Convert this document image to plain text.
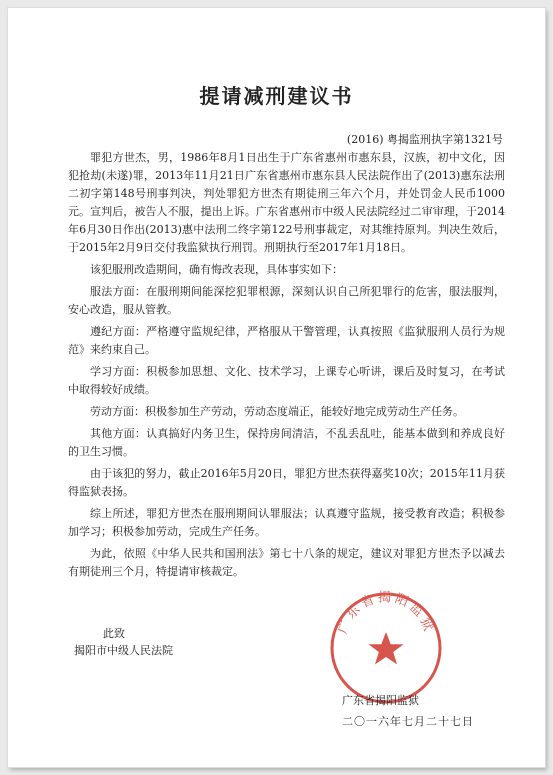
提请减刑建议书
(2016) 粤揭监刑执字第1321号

罪犯方世杰，男，1986年8月1日出生于广东省惠州市惠东县，汉族，初中文化，因犯抢劫(未遂)罪，2013年11月21日广东省惠州市惠东县人民法院作出了(2013)惠东法刑二初字第148号刑事判决，判处罪犯方世杰有期徒刑三年六个月，并处罚金人民币1000元。宣判后，被告人不服，提出上诉。广东省惠州市中级人民法院经过二审审理，于2014年6月30日作出(2013)惠中法刑二终字第122号刑事裁定，对其维持原判。判决生效后，于2015年2月9日交付我监狱执行刑罚。刑期执行至2017年1月18日。

该犯服刑改造期间，确有悔改表现，具体事实如下：

服法方面：在服刑期间能深挖犯罪根源，深刻认识自己所犯罪行的危害，服法服判，安心改造，服从管教。

遵纪方面：严格遵守监规纪律，严格服从干警管理，认真按照《监狱服刑人员行为规范》来约束自己。

学习方面：积极参加思想、文化、技术学习，上课专心听讲，课后及时复习，在考试中取得较好成绩。

劳动方面：积极参加生产劳动，劳动态度端正，能较好地完成劳动生产任务。

其他方面：认真搞好内务卫生，保持房间清洁，不乱丢乱吐，能基本做到和养成良好的卫生习惯。

由于该犯的努力，截止2016年5月20日，罪犯方世杰获得嘉奖10次；2015年11月获得监狱表扬。

综上所述，罪犯方世杰在服刑期间认罪服法；认真遵守监规，接受教育改造；积极参加学习；积极参加劳动，完成生产任务。

为此，依照《中华人民共和国刑法》第七十八条的规定，建议对罪犯方世杰予以减去有期徒刑三个月，特提请审核裁定。

此致
揭阳市中级人民法院
广东省揭阳监狱
广东省揭阳监狱
二〇一六年七月二十七日
